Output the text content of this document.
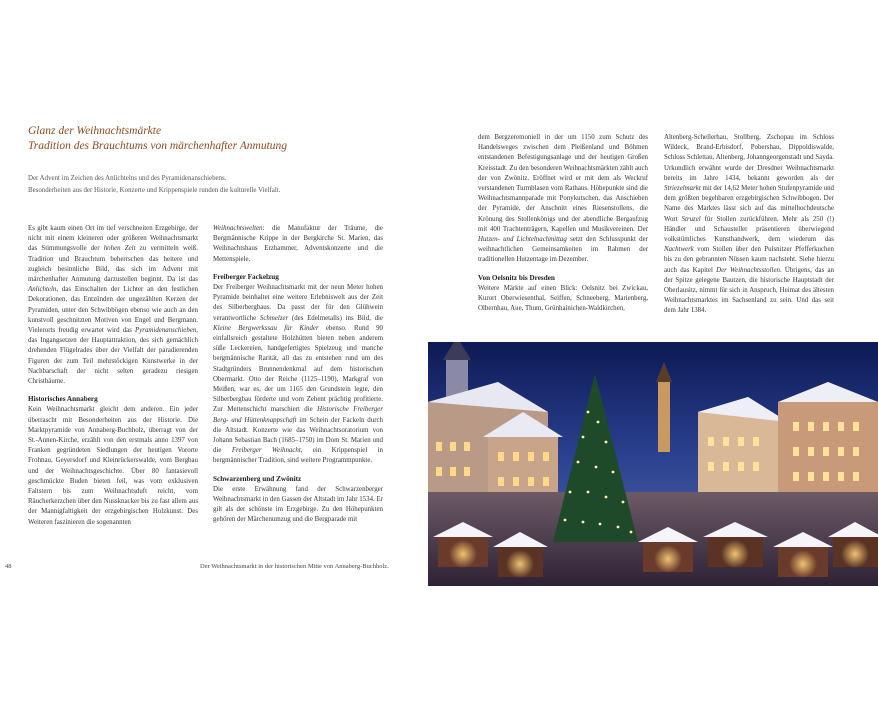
Glanz der Weihnachtsmärkte
Tradition des Brauchtums von märchenhafter Anmutung
Der Advent im Zeichen des Anlichtelns und des Pyramidenanschiebens.
Besonderheiten aus der Historie, Konzerte und Krippenspiele runden die kulturelle Vielfalt.

Es gibt kaum einen Ort im tief verschneiten Erzgebirge, der nicht mit einem kleineren oder größeren Weihnachtsmarkt das Stimmungsvolle der hohen Zeit zu vermitteln weiß. Tradition und Brauchtum beherrschen das heitere und zugleich besinnliche Bild, das sich im Advent mit märchenhafter Anmutung darzustellen beginnt. Da ist das Anlichteln, das Einschalten der Lichter an den festlichen Dekorationen, das Entzünden der ungezählten Kerzen der Pyramiden, unter den Schwibbögen ebenso wie auch an den kunstvoll geschnitzten Motiven von Engel und Bergmann. Vielerorts freudig erwartet wird das Pyramidenanschieben, das Ingangsetzen der Hauptattraktion, des sich gemächlich drehenden Flügelrades über der Vielfalt der paradierenden Figuren der zum Teil mehrstöckigen Kunstwerke in der Nachbarschaft der nicht selten geradezu riesigen Christbäume.

Historisches Annaberg

Kein Weihnachtsmarkt gleicht dem anderen. Ein jeder überrascht mit Besonderheiten aus der Historie. Die Marktpyramide von Annaberg-Buchholz, überragt von der St.-Annen-Kirche, erzählt von den erstmals anno 1397 von Franken gegründeten Siedlungen der heutigen Vororte Frohnau, Geyersdorf und Kleinrückerswalde, vom Bergbau und der Weihnachtsgeschichte. Über 80 fantasievoll geschmückte Buden bieten feil, was vom exklusiven Faltstern bis zum Weihnachtsduft reicht, vom Räucherkerzchen über den Nussknacker bis zu fast allem aus der Mannigfaltigkeit der erzgebirgischen Holzkunst. Des Weiteren faszinieren die sogenannten

Weihnachtswelten: die Manufaktur der Träume, die Bergmännische Krippe in der Bergkirche St. Marien, das Weihnachtshaus Erzhammer, Adventskonzerte und die Mettenspiele.

Freiberger Fackelzug

Der Freiberger Weihnachtsmarkt mit der neun Meter hohen Pyramide beinhaltet eine weitere Erlebniswelt aus der Zeit des Silberbergbaus. Da passt der für den Glühwein verantwortliche Schmelzer (des Edelmetalls) ins Bild, die Kleine Bergwerkssau für Kinder ebenso. Rund 90 einfallsreich gestaltete Holzhütten bieten neben anderem süße Leckereien, handgefertigtes Spielzeug und manche bergmännische Rarität, all das zu entstehen rund um des Stadtgründers Brunnendenkmal auf dem historischen Obermarkt. Otto der Reiche (1125–1190), Markgraf von Meißen, war es, der um 1165 den Grundstein legte, den Silberbergbau förderte und vom Zehent prächtig profitierte. Zur Mettenschicht marschiert die Historische Freiberger Berg- und Hüttenknappschaft im Schein der Fackeln durch die Altstadt. Konzerte wie das Weihnachtsoratorium von Johann Sebastian Bach (1685–1750) im Dom St. Marien und die Freiberger Weihnacht, ein Krippenspiel in bergmännischer Tradition, sind weitere Programmpunkte.

Schwarzenberg und Zwönitz

Die erste Erwähnung fand der Schwarzenberger Weihnachtsmarkt in den Gassen der Altstadt im Jahr 1534. Er gilt als der schönste im Erzgebirge. Zu den Höhepunkten gehören der Märchenumzug und die Bergparade mit

dem Bergzeremoniell in der um 1150 zum Schutz des Handelsweges zwischen dem Pleißenland und Böhmen entstandenen Befestigungsanlage und der heutigen Großen Kreisstadt. Zu den besonderen Weihnachtsmärkten zählt auch der von Zwönitz. Eröffnet wird er mit dem als Weckruf verstandenen Turmblasen vom Rathaus. Höhepunkte sind die Weihnachtsmannparade mit Ponykutschen, das Anschieben der Pyramide, der Anschnitt eines Riesenstollens, die Krönung des Stollenkönigs und der abendliche Bergaufzug mit 400 Trachtenträgern, Kapellen und Musikvereinen. Der Hutzen- und Lichtelnachmittag setzt den Schlusspunkt der weihnachtlichen Gemeinsamkeiten im Rahmen der traditionellen Hutzentage im Dezember.

Von Oelsnitz bis Dresden

Weitere Märkte auf einen Blick: Oelsnitz bei Zwickau, Kurort Oberwiesenthal, Seiffen, Schneeberg, Marienberg, Olbernhau, Aue, Thum, Grünhainichen-Waldkirchen,

Altenberg-Schellerhau, Stollberg, Zschopau im Schloss Wildeck, Brand-Erbisdorf, Pobershau, Dippoldiswalde, Schloss Schlettau, Altenberg, Johanngeorgenstadt und Sayda. Urkundlich erwähnt wurde der Dresdner Weihnachtsmarkt bereits im Jahre 1434, bekannt geworden als der Striezelmarkt mit der 14,62 Meter hohen Stufenpyramide und dem größten begehbaren erzgebirgischen Schwibbogen. Der Name des Marktes lässt sich auf das mittelhochdeutsche Wort Struzel für Stollen zurückführen. Mehr als 250 (!) Händler und Schausteller präsentieren überwiegend volkstümliches Kunsthandwerk, dem wiederum das Nachtwerk vom Stollen über den Pulsnitzer Pfefferkuchen bis zu den gebrannten Nüssen kaum nachsteht. Siehe hierzu auch das Kapitel Der Weihnachtsstollen. Übrigens, das an der Spitze gelegene Bautzen, die historische Hauptstadt der Oberlausitz, nimmt für sich in Anspruch, Heimat des ältesten Weihnachtsmarktes im Sachsenland zu sein. Und das seit dem Jahr 1384.

48	Der Weihnachtsmarkt in der historischen Mitte von Annaberg-Buchholz.
